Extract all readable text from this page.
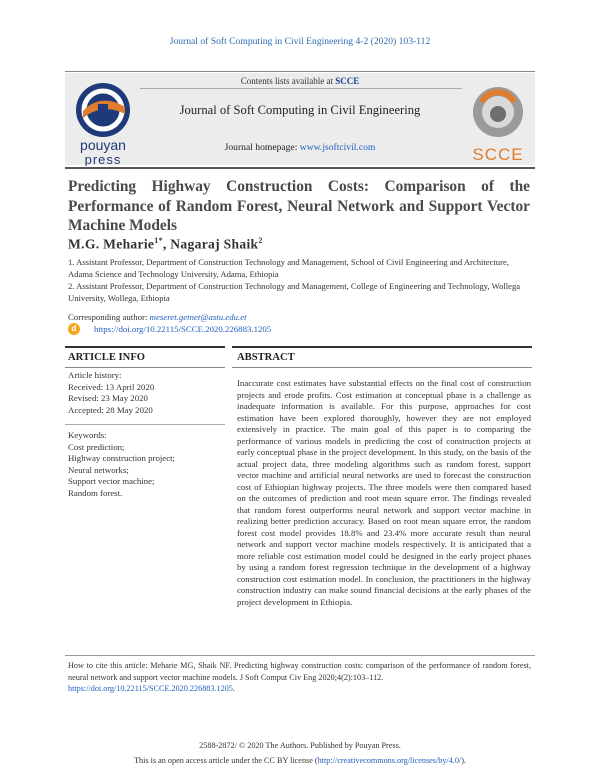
Journal of Soft Computing in Civil Engineering 4-2 (2020) 103-112
pouyan
press
Contents lists available at SCCE
Journal of Soft Computing in Civil Engineering
Journal homepage: www.jsoftcivil.com	SCCE
Predicting Highway Construction Costs: Comparison of the Performance of Random Forest, Neural Network and Support Vector Machine Models
M.G. Meharie$^{1*}$, Nagaraj Shaik$^2$
1. Assistant Professor, Department of Construction Technology and Management, School of Civil Engineering and Architecture, Adama Science and Technology University, Adama, Ethiopia
2. Assistant Professor, Department of Construction Technology and Management, College of Engineering and Technology, Wollega University, Wollega, Ethiopia
Corresponding author: meseret.getnet@astu.edu.et
d	https://doi.org/10.22115/SCCE.2020.226883.1205
ARTICLE INFO
Article history:
Received: 13 April 2020
Revised: 23 May 2020
Accepted: 28 May 2020
Keywords:
Cost prediction;
Highway construction project;
Neural networks;
Support vector machine;
Random forest.
ABSTRACT
Inaccurate cost estimates have substantial effects on the final cost of construction projects and erode profits. Cost estimation at conceptual phase is a challenge as inadequate information is available. For this purpose, approaches for cost estimation have been explored thoroughly, however they are not employed extensively in practice. The main goal of this paper is to comparing the performance of various models in predicting the cost of construction projects at early conceptual phase in the project development. In this study, on the basis of the actual project data, three modeling algorithms such as random forest, support vector machine and artificial neural networks are used to forecast the construction cost of Ethiopian highway projects. The three models were then compared based on the outcomes of prediction and root mean square error. The findings revealed that random forest outperforms neural network and support vector machine in realizing better prediction accuracy. Based on root mean square error, the random forest cost model provides 18.8% and 23.4% more accurate result than neural network and support vector machine models respectively. It is anticipated that a more reliable cost estimation model could be designed in the early project phases by using a random forest regression technique in the development of a highway construction cost estimation model. In conclusion, the practitioners in the highway construction industry can make sound financial decisions at the early phases of the project development in Ethiopia.
How to cite this article: Meharie MG, Shaik NF. Predicting highway construction costs: comparison of the performance of random forest, neural network and support vector machine models. J Soft Comput Civ Eng 2020;4(2):103–112.
https://doi.org/10.22115/SCCE.2020.226883.1205.
2588-2872/ © 2020 The Authors. Published by Pouyan Press.
This is an open access article under the CC BY license (http://creativecommons.org/licenses/by/4.0/).
